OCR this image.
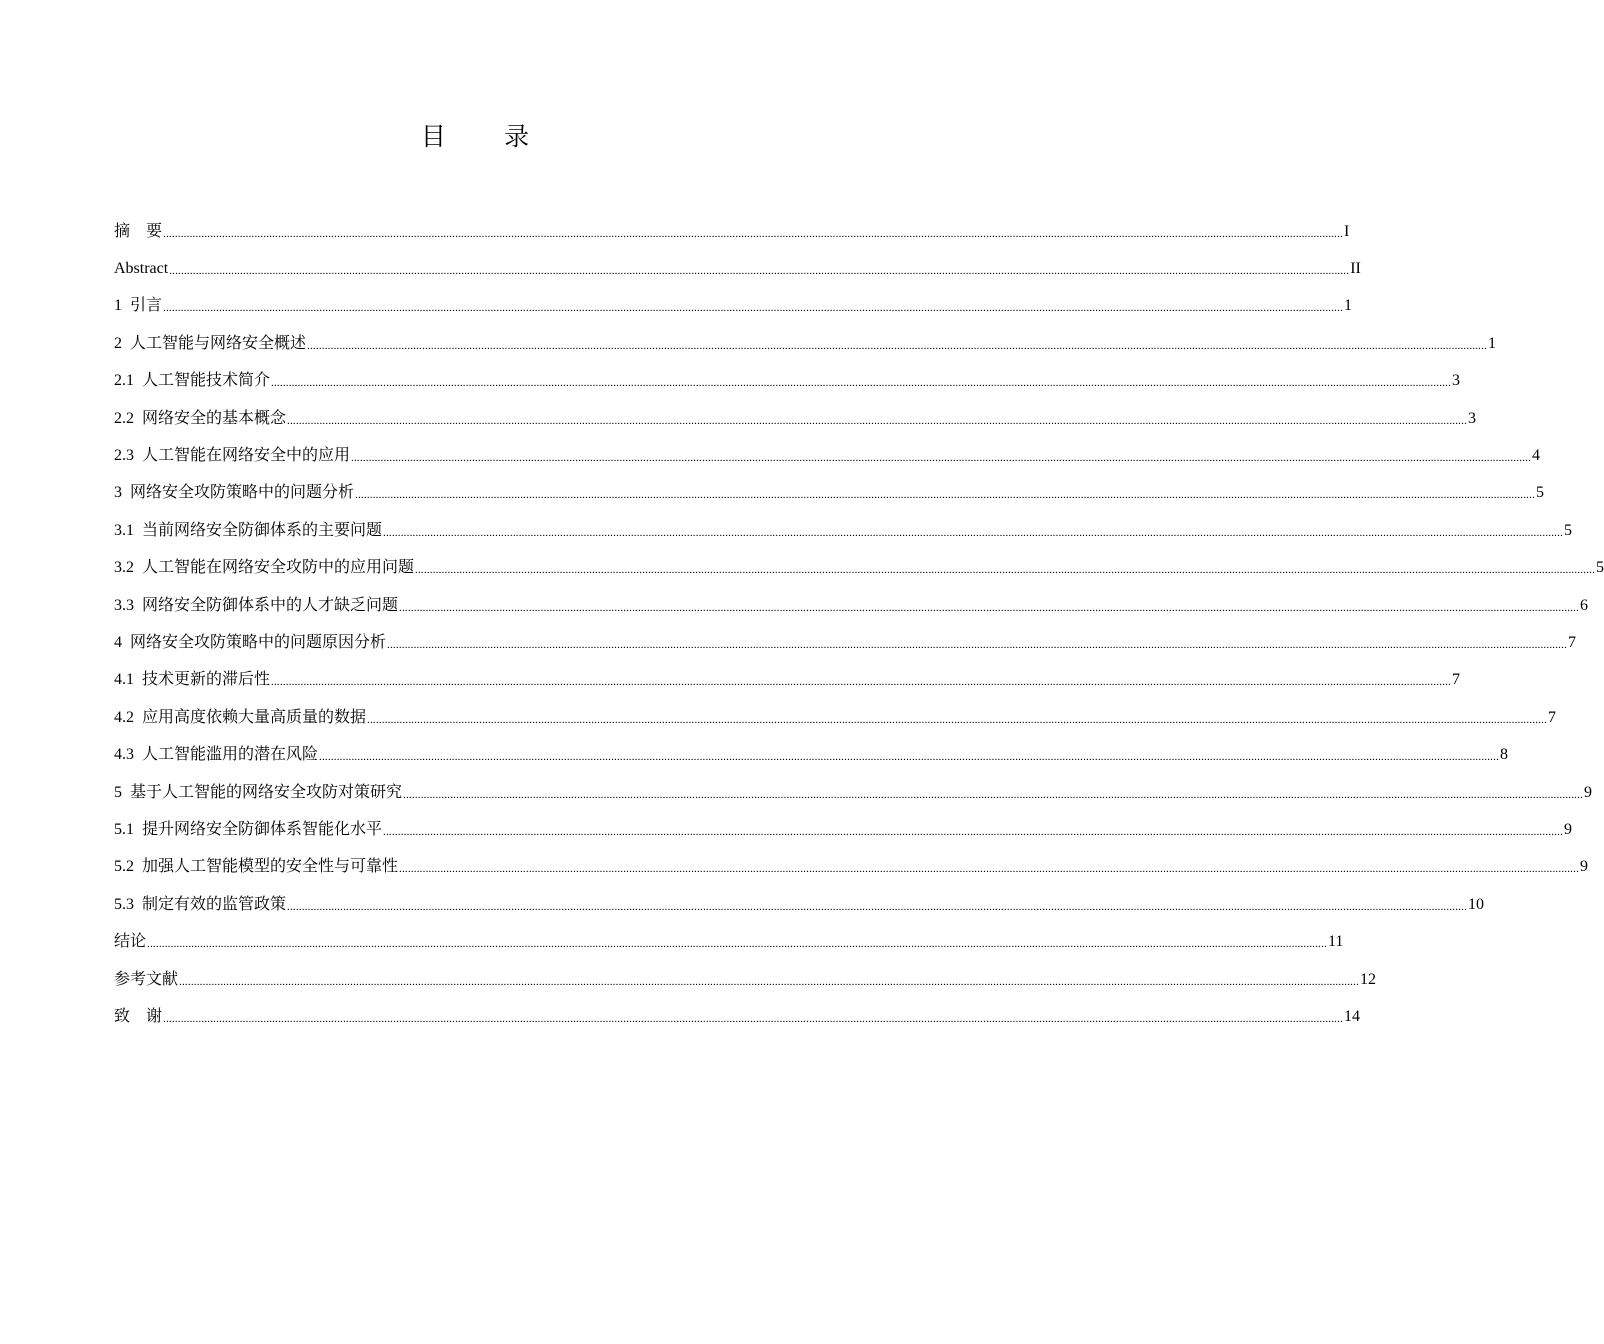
目 录
摘    要 ................................................................................................................................................................................................................................................................................................................................................................................................................ I
Abstract ................................................................................................................................................................................................................................................................................................................................................................................................................ II
1  引言 ................................................................................................................................................................................................................................................................................................................................................................................................................ 1
2  人工智能与网络安全概述 ................................................................................................................................................................................................................................................................................................................................................................................................................ 1
2.1  人工智能技术简介 ................................................................................................................................................................................................................................................................................................................................................................................................................ 3
2.2  网络安全的基本概念 ................................................................................................................................................................................................................................................................................................................................................................................................................ 3
2.3  人工智能在网络安全中的应用 ................................................................................................................................................................................................................................................................................................................................................................................................................ 4
3  网络安全攻防策略中的问题分析 ................................................................................................................................................................................................................................................................................................................................................................................................................ 5
3.1  当前网络安全防御体系的主要问题 ................................................................................................................................................................................................................................................................................................................................................................................................................ 5
3.2  人工智能在网络安全攻防中的应用问题 ................................................................................................................................................................................................................................................................................................................................................................................................................ 5
3.3  网络安全防御体系中的人才缺乏问题 ................................................................................................................................................................................................................................................................................................................................................................................................................ 6
4  网络安全攻防策略中的问题原因分析 ................................................................................................................................................................................................................................................................................................................................................................................................................ 7
4.1  技术更新的滞后性 ................................................................................................................................................................................................................................................................................................................................................................................................................ 7
4.2  应用高度依赖大量高质量的数据 ................................................................................................................................................................................................................................................................................................................................................................................................................ 7
4.3  人工智能滥用的潜在风险 ................................................................................................................................................................................................................................................................................................................................................................................................................ 8
5  基于人工智能的网络安全攻防对策研究 ................................................................................................................................................................................................................................................................................................................................................................................................................ 9
5.1  提升网络安全防御体系智能化水平 ................................................................................................................................................................................................................................................................................................................................................................................................................ 9
5.2  加强人工智能模型的安全性与可靠性 ................................................................................................................................................................................................................................................................................................................................................................................................................ 9
5.3  制定有效的监管政策 ................................................................................................................................................................................................................................................................................................................................................................................................................ 10
结论 ................................................................................................................................................................................................................................................................................................................................................................................................................ 11
参考文献 ................................................................................................................................................................................................................................................................................................................................................................................................................ 12
致    谢 ................................................................................................................................................................................................................................................................................................................................................................................................................ 14
